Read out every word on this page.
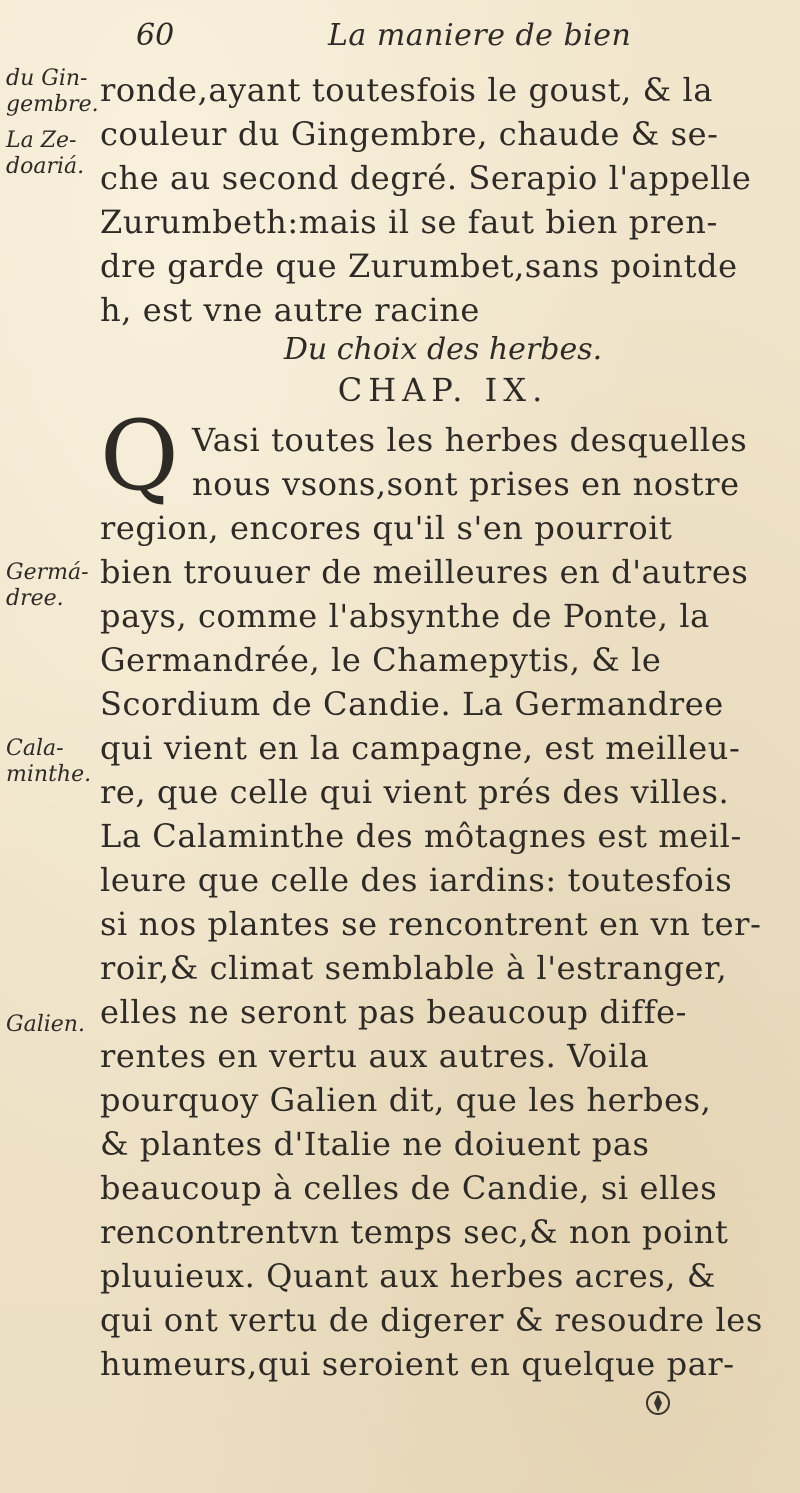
60	La maniere de bien
du Gin-
gembre.
La Ze-
doariá.
Germá-
dree.
Cala-
minthe.
Galien.
ronde,ayant toutesfois le goust, & la
couleur du Gingembre, chaude & se-
che au second degré. Serapio l'appelle
Zurumbeth:mais il se faut bien pren-
dre garde que Zurumbet,sans pointde
h, est vne autre racine
Du choix des herbes.
CHAP. IX.
Q Vasi toutes les herbes desquelles
nous vsons,sont prises en nostre
region, encores qu'il s'en pourroit
bien trouuer de meilleures en d'autres
pays, comme l'absynthe de Ponte, la
Germandrée, le Chamepytis, & le
Scordium de Candie. La Germandree
qui vient en la campagne, est meilleu-
re, que celle qui vient prés des villes.
La Calaminthe des môtagnes est meil-
leure que celle des iardins: toutesfois
si nos plantes se rencontrent en vn ter-
roir,& climat semblable à l'estranger,
elles ne seront pas beaucoup diffe-
rentes en vertu aux autres. Voila
pourquoy Galien dit, que les herbes,
& plantes d'Italie ne doiuent pas
beaucoup à celles de Candie, si elles
rencontrentvn temps sec,& non point
pluuieux. Quant aux herbes acres, &
qui ont vertu de digerer & resoudre les
humeurs,qui seroient en quelque par-
